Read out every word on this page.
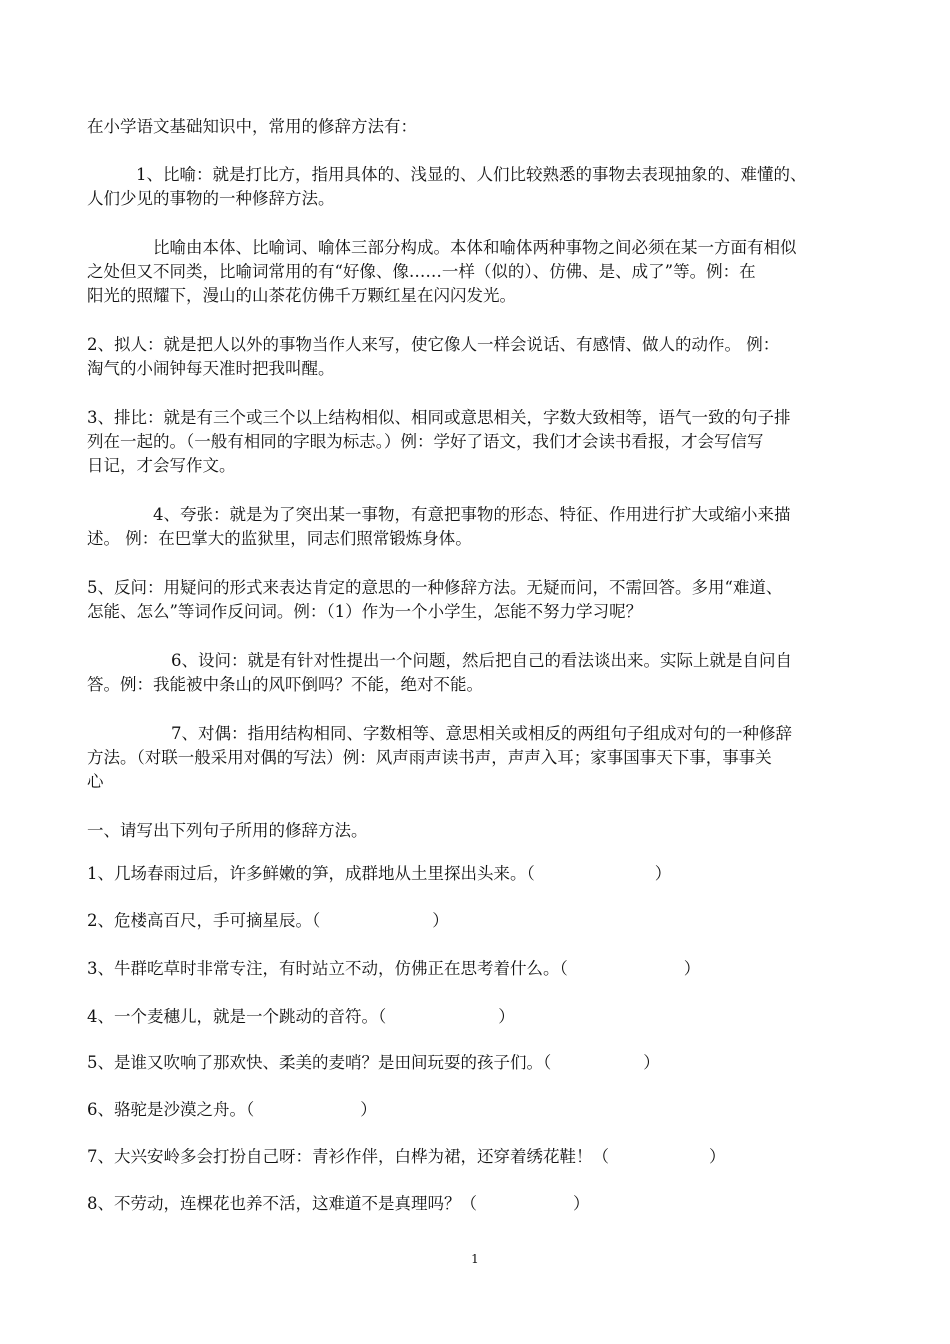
在小学语文基础知识中，常用的修辞方法有：
1、比喻：就是打比方，指用具体的、浅显的、人们比较熟悉的事物去表现抽象的、难懂的、
人们少见的事物的一种修辞方法。
比喻由本体、比喻词、喻体三部分构成。本体和喻体两种事物之间必须在某一方面有相似
之处但又不同类，比喻词常用的有“好像、像……一样（似的）、仿佛、是、成了”等。例：在
阳光的照耀下，漫山的山茶花仿佛千万颗红星在闪闪发光。
2、拟人：就是把人以外的事物当作人来写，使它像人一样会说话、有感情、做人的动作。 例：
淘气的小闹钟每天准时把我叫醒。
3、排比：就是有三个或三个以上结构相似、相同或意思相关，字数大致相等，语气一致的句子排
列在一起的。（一般有相同的字眼为标志。）例：学好了语文，我们才会读书看报，才会写信写
日记，才会写作文。
4、夸张：就是为了突出某一事物，有意把事物的形态、特征、作用进行扩大或缩小来描
述。 例：在巴掌大的监狱里，同志们照常锻炼身体。
5、反问：用疑问的形式来表达肯定的意思的一种修辞方法。无疑而问，不需回答。多用“难道、
怎能、怎么”等词作反问词。例：（1）作为一个小学生，怎能不努力学习呢？
6、设问：就是有针对性提出一个问题，然后把自己的看法谈出来。实际上就是自问自
答。例：我能被中条山的风吓倒吗？不能，绝对不能。
7、对偶：指用结构相同、字数相等、意思相关或相反的两组句子组成对句的一种修辞
方法。（对联一般采用对偶的写法）例：风声雨声读书声，声声入耳；家事国事天下事，事事关
心
一、请写出下列句子所用的修辞方法。
1、几场春雨过后，许多鲜嫩的笋，成群地从土里探出头来。（	）
2、危楼高百尺，手可摘星辰。（	）
3、牛群吃草时非常专注，有时站立不动，仿佛正在思考着什么。（	）
4、一个麦穗儿，就是一个跳动的音符。（	）
5、是谁又吹响了那欢快、柔美的麦哨？是田间玩耍的孩子们。（	）
6、骆驼是沙漠之舟。（	）
7、大兴安岭多会打扮自己呀：青衫作伴，白桦为裙，还穿着绣花鞋！（	）
8、不劳动，连棵花也养不活，这难道不是真理吗？（	）
1
